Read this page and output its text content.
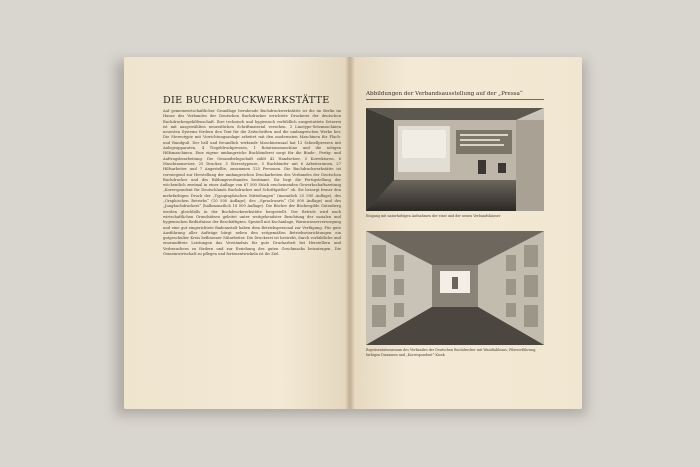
DIE BUCHDRUCKWERKSTÄTTE
Auf gemeinwirtschaftlicher Grundlage beruhende Buchdruckwerkstätte ist die im Berlin im Hause des Verbandes der Deutschen Buchdrucker errichtete Druckerei der deutschen Buchdruckergehilfenschaft. Ihre technisch und hygienisch vorbildlich ausgestattete Setzerei ist mit ausgewählten neuzeitlichen Schriftmaterial versehen. 3 Linotype-Setzmaschinen neuesten Systems fördern den Text für die Zeitschriften und die umfangreichen Werke her. Die Stereotypie mit Vorrichtungsanlage arbeitet mit den modernsten Maschinen für Flach- und Rundguß. Der hell und freundlich wirkende Maschinensaal hat 12 Schnellpressen mit Anlegeapparaten, 4 Tiegeldruckpressen, 1 Rotationsmaschine und die nötigen Hilfsmaschinen. Eine eigene umfangreiche Buchbinderei sorgt für die Binde-, Fertig- und Auftragsbearbeitung. Die Gesamtbelegschaft zählt 42 Handsetzer, 5 Korrektoren, 6 Maschinensetzer, 25 Drucker, 3 Stereotypeure, 5 Buchbinder mit 6 Arbeiterinnen, 27 Hilfsarbeiter und 7 Angestellte, zusammen 125 Personen. Die Buchdruckwerkstätte ist vorwiegend zur Herstellung der umfangreichen Druckarbeiten des Verbandes der Deutschen Buchdrucker und des Bildungsverbandes bestimmt. Ihr liegt die Fertigstellung der wöchentlich zweimal in einer Auflage von 67 500 Stück erscheinenden Gewerkschaftszeitung „Korrespondent für Deutschlands Buchdrucker und Schriftgießer“ ob. Sie besorgt ferner den mehrfarbigen Druck der „Typographischen Mitteilungen“ (monatlich 25 500 Auflage), des „Graphischen Betriebs“ (10 500 Auflage), des „Sprachwarts“ (16 000 Auflage) und des „Jungbuchdruckers“ (halbmonatlich 18 000 Auflage). Die Bücher der Büchergilde Gutenberg werden gleichfalls in der Buchdruckwerkstätte hergestellt. Der Betrieb wird nach wirtschaftlichen Grundsätzen geleitet unter weitgehendster Beachtung der sozialen und hygienischen Bedürfnisse der Beschäftigten. Speziell mit Kochanlage, Warmwasserversorgung und eine gut eingerichtete Badeanstalt haben dem Betriebspersonal zur Verfügung. Für gute Ausführung aller Aufträge bürgt neben den zeitgemäßen Betriebseinrichtungen ein gutgeschulter Kreis beflissener Mitarbeiter. Die Druckerei ist bestrebt, durch vorbildliche und einwandfreie Leistungen das Verständnis für gute Druckarbeit bei Herstellern und Verbrauchern zu fördern und zur Erziehung des guten Geschmacks beizutragen. Die Gemeinwirtschaft zu pflegen und fortzuentwickeln ist ihr Ziel.
Abbildungen der Verbandsausstellung auf der „Pressa“
Eingang mit naturfarbigen Aufnahmen der einst und der neuen Verbandshäuser
Repräsentationsraum des Verbandes der Deutschen Buchdrucker mit Wandtableaus, Filmvorführung, farbigen Diaramen und „Korrespondent“-Kiosk
